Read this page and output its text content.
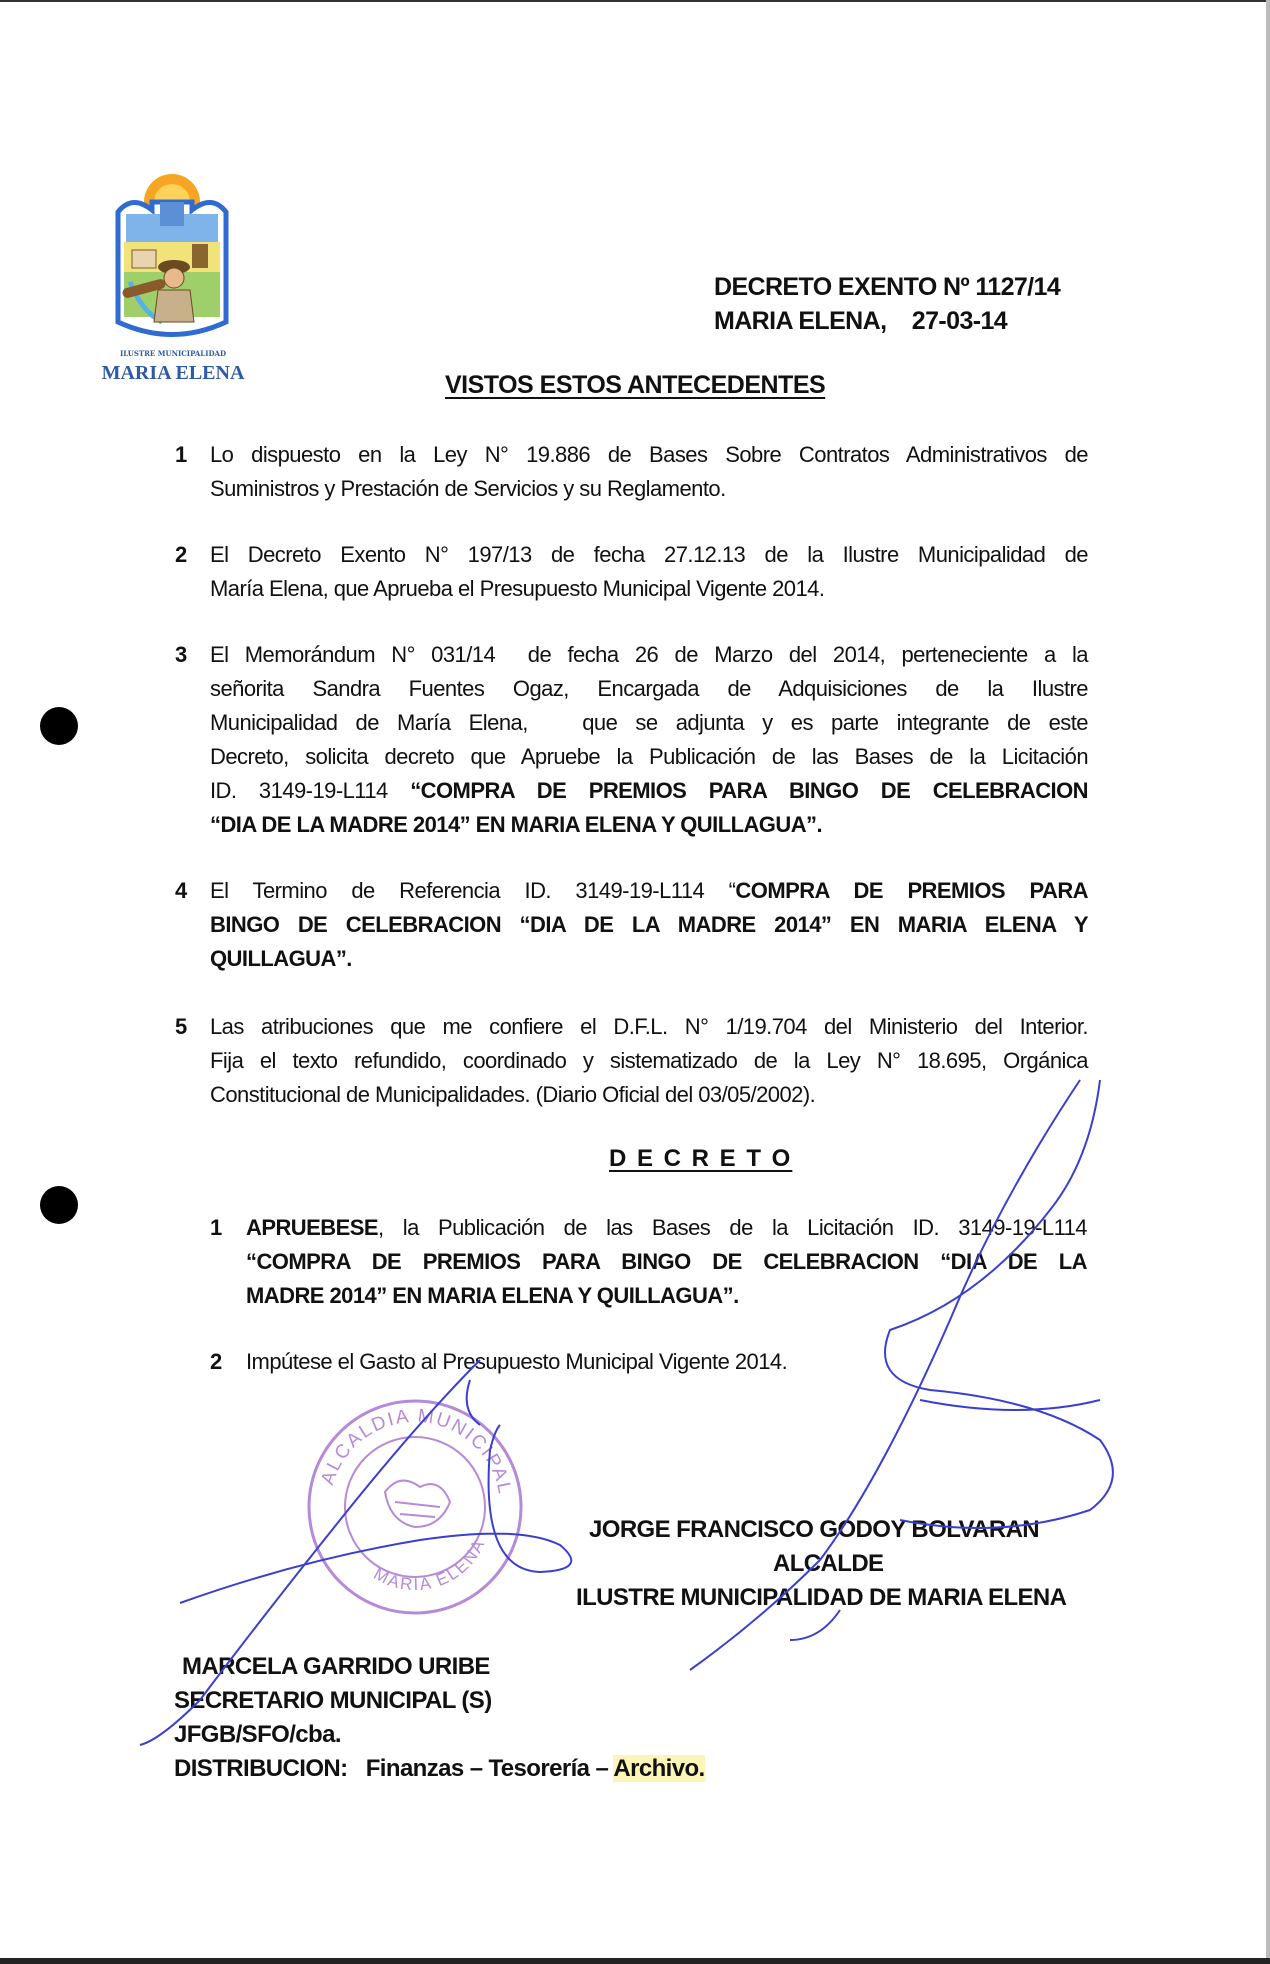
ILUSTRE MUNICIPALIDAD
MARIA ELENA
DECRETO EXENTO Nº 1127/14
MARIA ELENA,    27-03-14
VISTOS ESTOS ANTECEDENTES
1 Lo dispuesto en la Ley N° 19.886 de Bases Sobre Contratos Administrativos de
Suministros y Prestación de Servicios y su Reglamento.
2 El Decreto Exento N° 197/13 de fecha 27.12.13 de la Ilustre Municipalidad de
María Elena, que Aprueba el Presupuesto Municipal Vigente 2014.
3 El Memorándum N° 031/14  de fecha 26 de Marzo del 2014, perteneciente a la
señorita Sandra Fuentes Ogaz, Encargada de Adquisiciones de la Ilustre
Municipalidad de María Elena,   que se adjunta y es parte integrante de este
Decreto, solicita decreto que Apruebe la Publicación de las Bases de la Licitación
ID. 3149-19-L114 “COMPRA DE PREMIOS PARA BINGO DE CELEBRACION
“DIA DE LA MADRE 2014” EN MARIA ELENA Y QUILLAGUA”.
4 El Termino de Referencia ID. 3149-19-L114 “COMPRA DE PREMIOS PARA
BINGO DE CELEBRACION “DIA DE LA MADRE 2014” EN MARIA ELENA Y
QUILLAGUA”.
5 Las atribuciones que me confiere el D.F.L. N° 1/19.704 del Ministerio del Interior.
Fija el texto refundido, coordinado y sistematizado de la Ley N° 18.695, Orgánica
Constitucional de Municipalidades. (Diario Oficial del 03/05/2002).
D E C R E T O
1 APRUEBESE, la Publicación de las Bases de la Licitación ID. 3149-19-L114
“COMPRA DE PREMIOS PARA BINGO DE CELEBRACION “DIA DE LA
MADRE 2014” EN MARIA ELENA Y QUILLAGUA”.
2 Impútese el Gasto al Presupuesto Municipal Vigente 2014.
ALCALDIA MUNICIPAL
MARIA ELENA
JORGE FRANCISCO GODOY BOLVARAN
ALCALDE
ILUSTRE MUNICIPALIDAD DE MARIA ELENA
MARCELA GARRIDO URIBE
SECRETARIO MUNICIPAL (S)
JFGB/SFO/cba.
DISTRIBUCION: Finanzas – Tesorería – Archivo.
